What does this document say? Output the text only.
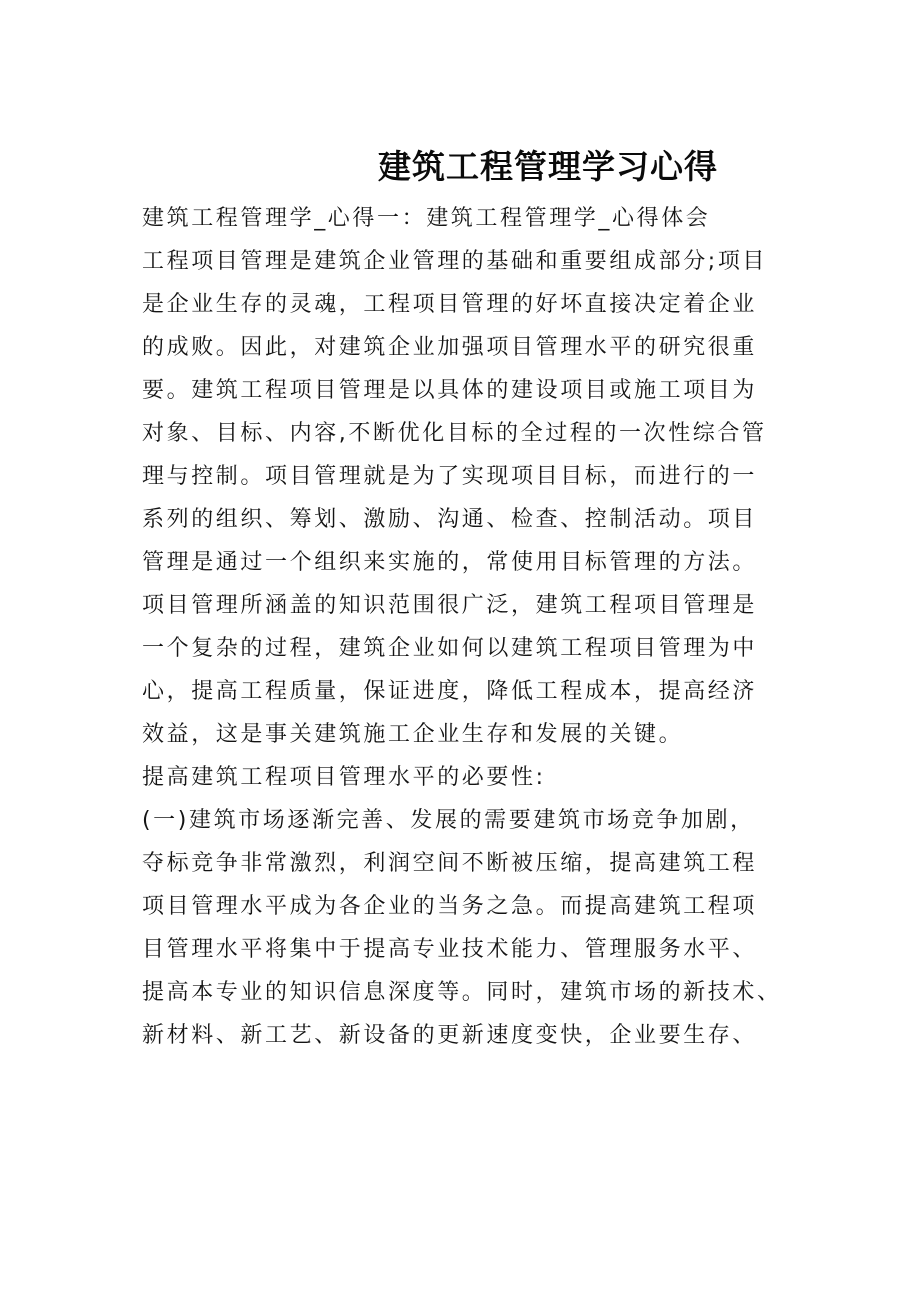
建筑工程管理学习心得
建筑工程管理学_心得一：建筑工程管理学_心得体会
工程项目管理是建筑企业管理的基础和重要组成部分;项目
是企业生存的灵魂，工程项目管理的好坏直接决定着企业
的成败。因此，对建筑企业加强项目管理水平的研究很重
要。建筑工程项目管理是以具体的建设项目或施工项目为
对象、目标、内容,不断优化目标的全过程的一次性综合管
理与控制。项目管理就是为了实现项目目标，而进行的一
系列的组织、筹划、激励、沟通、检查、控制活动。项目
管理是通过一个组织来实施的，常使用目标管理的方法。
项目管理所涵盖的知识范围很广泛，建筑工程项目管理是
一个复杂的过程，建筑企业如何以建筑工程项目管理为中
心，提高工程质量，保证进度，降低工程成本，提高经济
效益，这是事关建筑施工企业生存和发展的关键。
提高建筑工程项目管理水平的必要性:
(一)建筑市场逐渐完善、发展的需要建筑市场竞争加剧，
夺标竞争非常激烈，利润空间不断被压缩，提高建筑工程
项目管理水平成为各企业的当务之急。而提高建筑工程项
目管理水平将集中于提高专业技术能力、管理服务水平、
提高本专业的知识信息深度等。同时，建筑市场的新技术、
新材料、新工艺、新设备的更新速度变快，企业要生存、
